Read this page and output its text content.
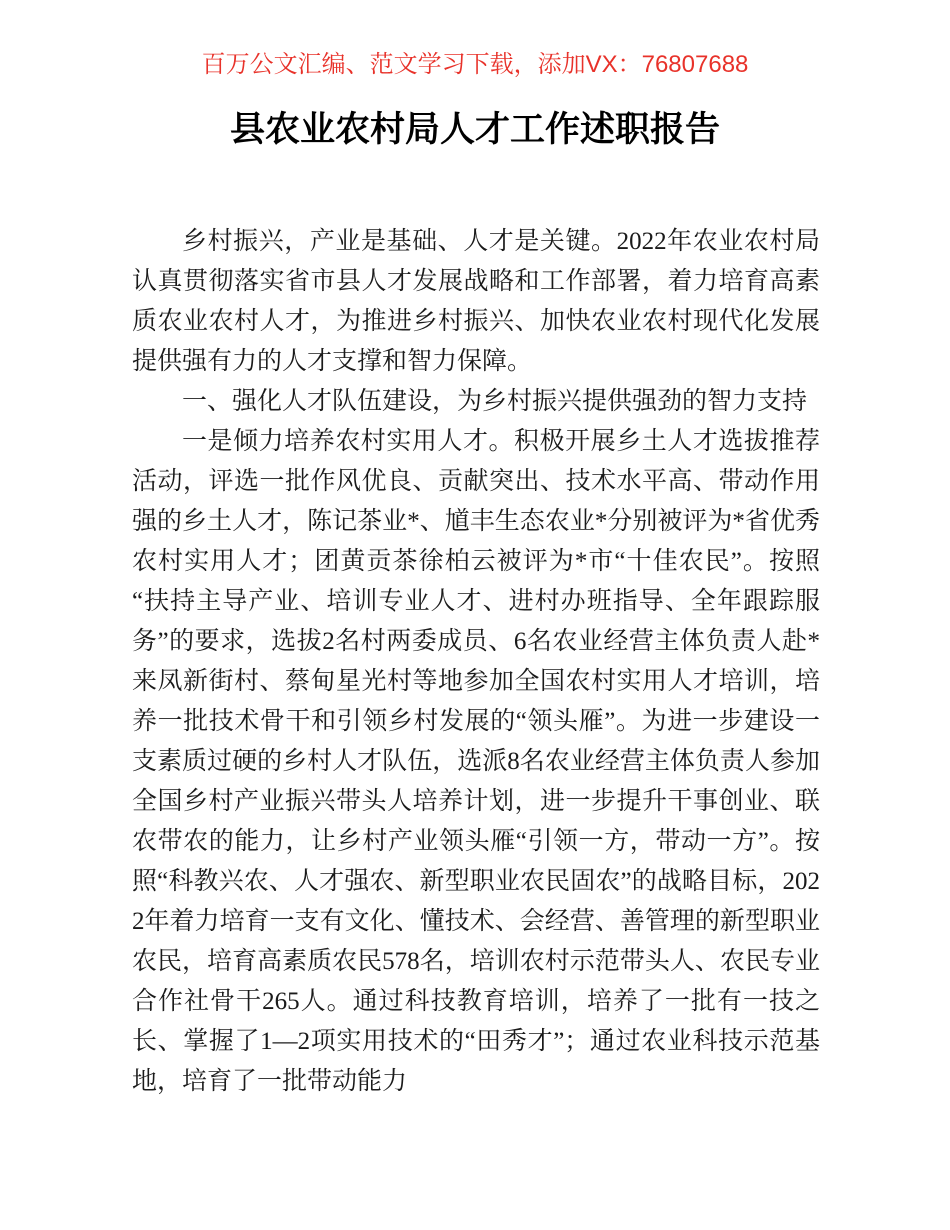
百万公文汇编、范文学习下载，添加VX：76807688
县农业农村局人才工作述职报告

乡村振兴，产业是基础、人才是关键。2022年农业农村局认真贯彻落实省市县人才发展战略和工作部署，着力培育高素质农业农村人才，为推进乡村振兴、加快农业农村现代化发展提供强有力的人才支撑和智力保障。

一、强化人才队伍建设，为乡村振兴提供强劲的智力支持

一是倾力培养农村实用人才。积极开展乡土人才选拔推荐活动，评选一批作风优良、贡献突出、技术水平高、带动作用强的乡土人才，陈记茶业*、馗丰生态农业*分别被评为*省优秀农村实用人才；团黄贡茶徐柏云被评为*市“十佳农民”。按照“扶持主导产业、培训专业人才、进村办班指导、全年跟踪服务”的要求，选拔2名村两委成员、6名农业经营主体负责人赴*来凤新街村、蔡甸星光村等地参加全国农村实用人才培训，培养一批技术骨干和引领乡村发展的“领头雁”。为进一步建设一支素质过硬的乡村人才队伍，选派8名农业经营主体负责人参加全国乡村产业振兴带头人培养计划，进一步提升干事创业、联农带农的能力，让乡村产业领头雁“引领一方，带动一方”。按照“科教兴农、人才强农、新型职业农民固农”的战略目标，2022年着力培育一支有文化、懂技术、会经营、善管理的新型职业农民，培育高素质农民578名，培训农村示范带头人、农民专业合作社骨干265人。通过科技教育培训，培养了一批有一技之长、掌握了1—2项实用技术的“田秀才”；通过农业科技示范基地，培育了一批带动能力
